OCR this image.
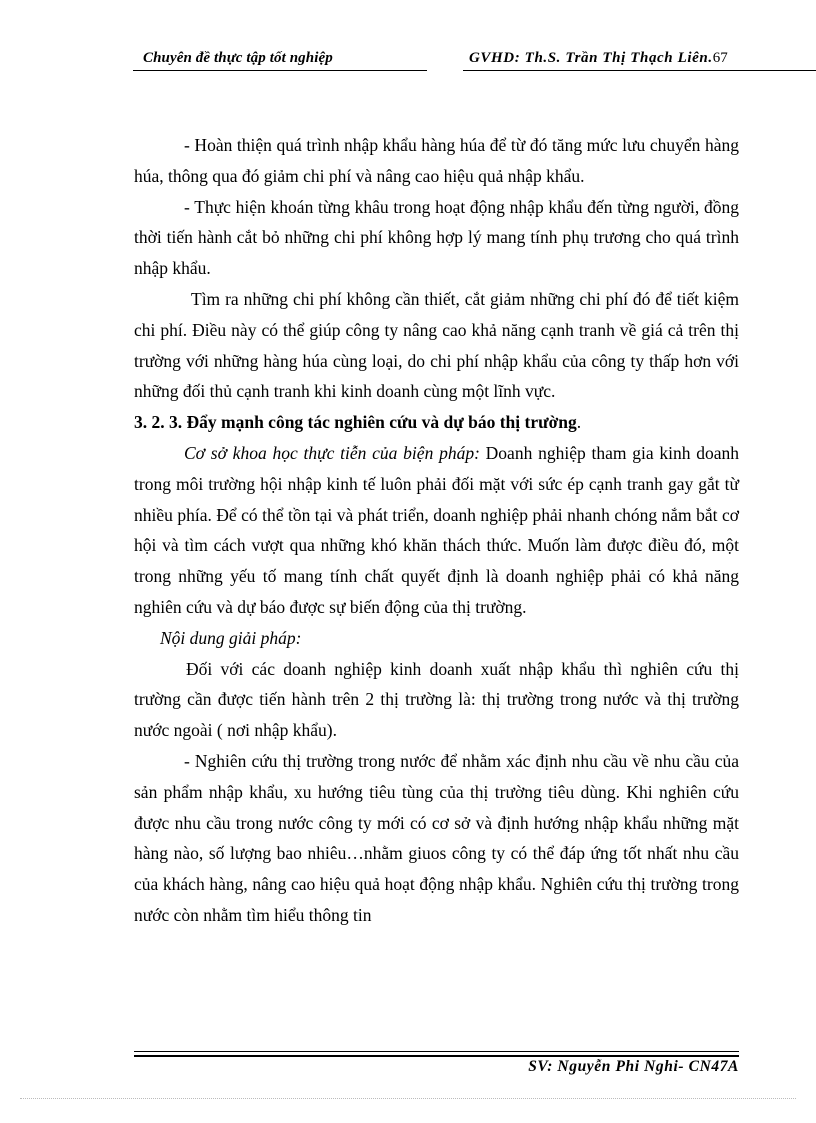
Chuyên đề thực tập tốt nghiệp	GVHD: Th.S. Trần Thị Thạch Liên.67

- Hoàn thiện quá trình nhập khẩu hàng húa để từ đó tăng mức lưu chuyển hàng húa, thông qua đó giảm chi phí và nâng cao hiệu quả nhập khẩu.

- Thực hiện khoán từng khâu trong hoạt động nhập khẩu đến từng người, đồng thời tiến hành cắt bỏ những chi phí không hợp lý mang tính phụ trương cho quá trình nhập khẩu.

Tìm ra những chi phí không cần thiết, cắt giảm những chi phí đó để tiết kiệm chi phí. Điều này có thể giúp công ty nâng cao khả năng cạnh tranh về giá cả trên thị trường với những hàng húa cùng loại, do chi phí nhập khẩu của công ty thấp hơn với những đối thủ cạnh tranh khi kinh doanh cùng một lĩnh vực.

3. 2. 3. Đẩy mạnh công tác nghiên cứu và dự báo thị trường.

Cơ sở khoa học thực tiễn của biện pháp: Doanh nghiệp tham gia kinh doanh trong môi trường hội nhập kinh tế luôn phải đối mặt với sức ép cạnh tranh gay gắt từ nhiều phía. Để có thể tồn tại và phát triển, doanh nghiệp phải nhanh chóng nắm bắt cơ hội và tìm cách vượt qua những khó khăn thách thức. Muốn làm được điều đó, một trong những yếu tố mang tính chất quyết định là doanh nghiệp phải có khả năng nghiên cứu và dự báo được sự biến động của thị trường.

Nội dung giải pháp:

Đối với các doanh nghiệp kinh doanh xuất nhập khẩu thì nghiên cứu thị trường cần được tiến hành trên 2 thị trường là: thị trường trong nước và thị trường nước ngoài ( nơi nhập khẩu).

- Nghiên cứu thị trường trong nước để nhằm xác định nhu cầu về nhu cầu của sản phẩm nhập khẩu, xu hướng tiêu tùng của thị trường tiêu dùng. Khi nghiên cứu được nhu cầu trong nước công ty mới có cơ sở và định hướng nhập khẩu những mặt hàng nào, số lượng bao nhiêu…nhằm giuos công ty có thể đáp ứng tốt nhất nhu cầu của khách hàng, nâng cao hiệu quả hoạt động nhập khẩu. Nghiên cứu thị trường trong nước còn nhằm tìm hiểu thông tin

SV: Nguyễn Phi Nghi- CN47A
